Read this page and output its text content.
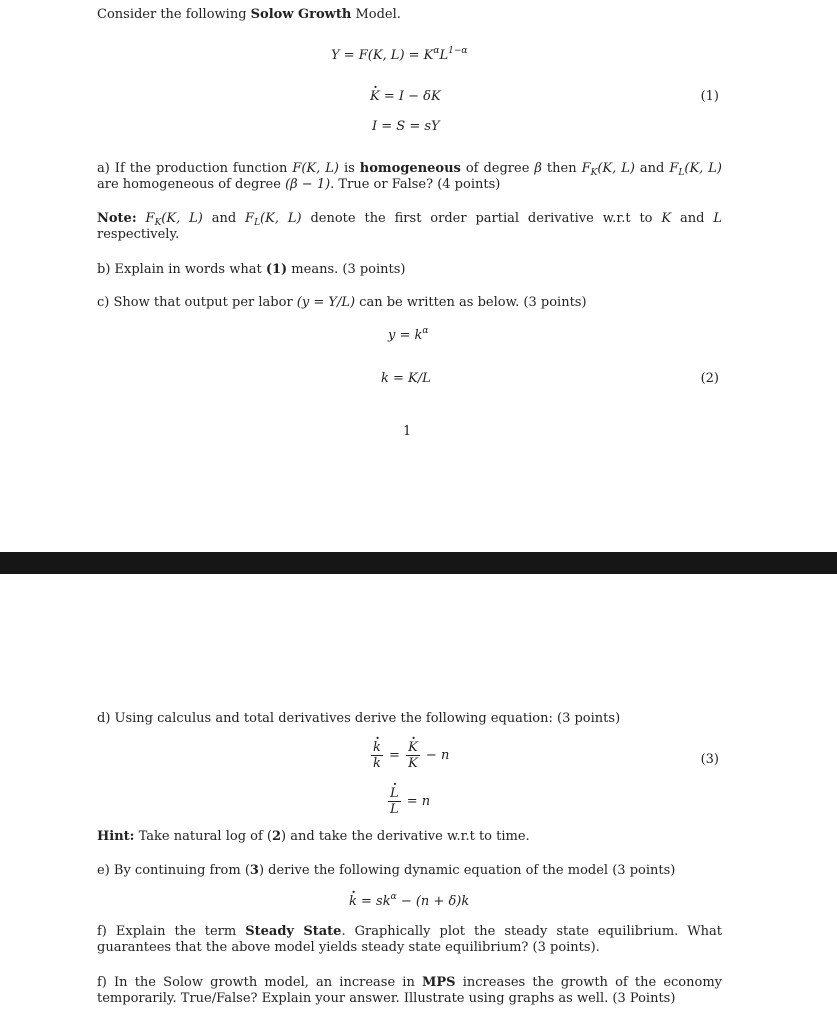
Consider the following Solow Growth Model.
Y = F(K, $L) = K^\alpha L^{1-\alpha}$
· K = I − δK	(1)
I = S = sY
a) If the production function F(K, L) is homogeneous of degree β then $F_K(K$, L) and $F_L(K$, L) are homogeneous of degree (β − 1). True or False? (4 points)
Note: $F_K(K$, L) and $F_L(K$, L) denote the first order partial derivative w.r.t to K and L respectively.
b) Explain in words what (1) means. (3 points)
c) Show that output per labor (y = Y/L) can be written as below. (3 points)
$y = k^\alpha$
k = K/L	(2)
1
d) Using calculus and total derivatives derive the following equation: (3 points)
· $\frac{k}{k}$ =
· $\frac{K}{K} - n$	(3)
· $\frac{L}{L} = n$
Hint: Take natural log of (2) and take the derivative w.r.t to time.
e) By continuing from (3) derive the following dynamic equation of the model (3 points)
· $k = sk^\alpha - (n + \delta)k$
f) Explain the term Steady State. Graphically plot the steady state equilibrium. What guarantees that the above model yields steady state equilibrium? (3 points).
f) In the Solow growth model, an increase in MPS increases the growth of the economy temporarily. True/False? Explain your answer. Illustrate using graphs as well. (3 Points)
